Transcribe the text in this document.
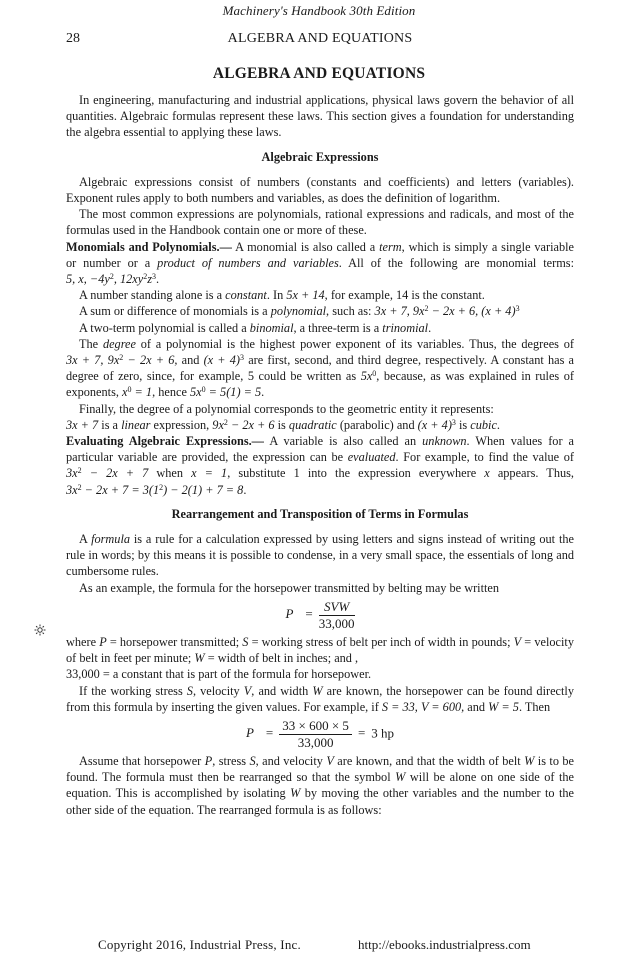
Machinery's Handbook 30th Edition
28	ALGEBRA AND EQUATIONS
ALGEBRA AND EQUATIONS

In engineering, manufacturing and industrial applications, physical laws govern the behavior of all quantities. Algebraic formulas represent these laws. This section gives a foundation for understanding the algebra essential to applying these laws.

Algebraic Expressions

Algebraic expressions consist of numbers (constants and coefficients) and letters (variables). Exponent rules apply to both numbers and variables, as does the definition of logarithm.

The most common expressions are polynomials, rational expressions and radicals, and most of the formulas used in the Handbook contain one or more of these.

Monomials and Polynomials.— A monomial is also called a term, which is simply a single variable or number or a product of numbers and variables. All of the following are monomial terms: 5, x, $-4y^2$, $12xy^2z^3$.

A number standing alone is a constant. In 5x + 14, for example, 14 is the constant.

A sum or difference of monomials is a polynomial, such as: 3x + 7, $9x^2 - 2x + 6$, $(x + 4)^3$

A two-term polynomial is called a binomial, a three-term is a trinomial.

The degree of a polynomial is the highest power exponent of its variables. Thus, the degrees of 3x + 7, $9x^2 - 2x + 6$, and $(x + 4)^3$ are first, second, and third degree, respectively. A constant has a degree of zero, since, for example, 5 could be written as $5x^0$, because, as was explained in rules of exponents, $x^0 = 1$, hence $5x^0 = 5(1) = 5$.

Finally, the degree of a polynomial corresponds to the geometric entity it represents:

3x + 7 is a linear expression, $9x^2 - 2x + 6$ is quadratic (parabolic) and $(x + 4)^3$ is cubic.

Evaluating Algebraic Expressions.— A variable is also called an unknown. When values for a particular variable are provided, the expression can be evaluated. For example, to find the value of $3x^2 - 2x + 7$ when x = 1, substitute 1 into the expression everywhere x appears. Thus, $3x^2 - 2x + 7 = 3(1^2) - 2(1) + 7 = 8$.

Rearrangement and Transposition of Terms in Formulas

A formula is a rule for a calculation expressed by using letters and signs instead of writing out the rule in words; by this means it is possible to condense, in a very small space, the essentials of long and cumbersome rules.

As an example, the formula for the horsepower transmitted by belting may be written

$P = \frac{\text{SVW}}{33,000}$

where P = horsepower transmitted; S = working stress of belt per inch of width in pounds; V = velocity of belt in feet per minute; W = width of belt in inches; and ,

33,000 = a constant that is part of the formula for horsepower.

If the working stress S, velocity V, and width W are known, the horsepower can be found directly from this formula by inserting the given values. For example, if S = 33, V = 600, and W = 5. Then

$P = \frac{33 \times 600 \times 5}{33,000} = 3$ hp

Assume that horsepower P, stress S, and velocity V are known, and that the width of belt W is to be found. The formula must then be rearranged so that the symbol W will be alone on one side of the equation. This is accomplished by isolating W by moving the other variables and the number to the other side of the equation. The rearranged formula is as follows:

Copyright 2016, Industrial Press, Inc.	http://ebooks.industrialpress.com
